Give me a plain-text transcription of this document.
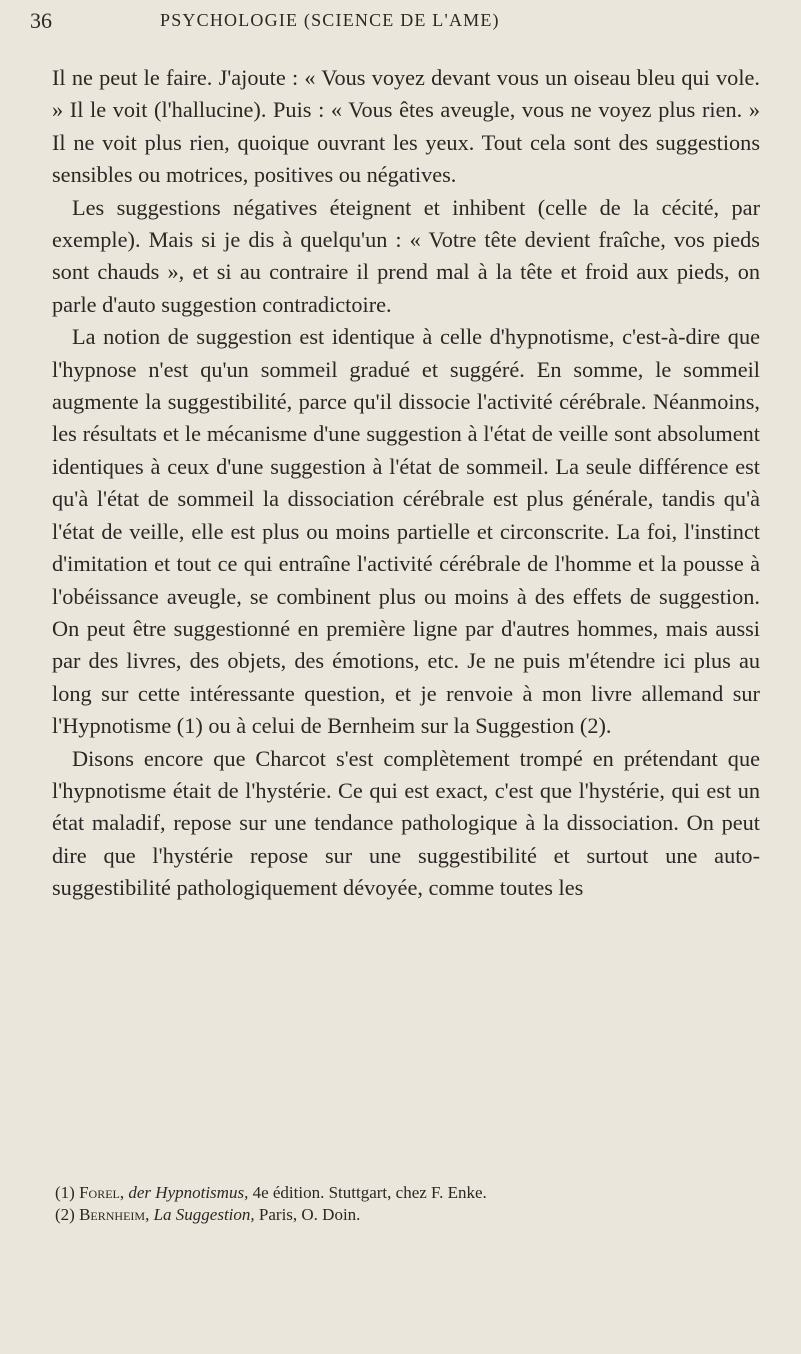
36	PSYCHOLOGIE (SCIENCE DE L'AME)

Il ne peut le faire. J'ajoute : « Vous voyez devant vous un oiseau bleu qui vole. » Il le voit (l'hallucine). Puis : « Vous êtes aveugle, vous ne voyez plus rien. » Il ne voit plus rien, quoique ouvrant les yeux. Tout cela sont des suggestions sensibles ou motrices, positives ou négatives.

Les suggestions négatives éteignent et inhibent (celle de la cécité, par exemple). Mais si je dis à quelqu'un : « Votre tête devient fraîche, vos pieds sont chauds », et si au contraire il prend mal à la tête et froid aux pieds, on parle d'auto suggestion contradictoire.

La notion de suggestion est identique à celle d'hypnotisme, c'est-à-dire que l'hypnose n'est qu'un sommeil gradué et suggéré. En somme, le sommeil augmente la suggestibilité, parce qu'il dissocie l'activité cérébrale. Néanmoins, les résultats et le mécanisme d'une suggestion à l'état de veille sont absolument identiques à ceux d'une suggestion à l'état de sommeil. La seule différence est qu'à l'état de sommeil la dissociation cérébrale est plus générale, tandis qu'à l'état de veille, elle est plus ou moins partielle et circonscrite. La foi, l'instinct d'imitation et tout ce qui entraîne l'activité cérébrale de l'homme et la pousse à l'obéissance aveugle, se combinent plus ou moins à des effets de suggestion. On peut être suggestionné en première ligne par d'autres hommes, mais aussi par des livres, des objets, des émotions, etc. Je ne puis m'étendre ici plus au long sur cette intéressante question, et je renvoie à mon livre allemand sur l'Hypnotisme (1) ou à celui de Bernheim sur la Suggestion (2).

Disons encore que Charcot s'est complètement trompé en prétendant que l'hypnotisme était de l'hystérie. Ce qui est exact, c'est que l'hystérie, qui est un état maladif, repose sur une tendance pathologique à la dissociation. On peut dire que l'hystérie repose sur une suggestibilité et surtout une auto-suggestibilité pathologiquement dévoyée, comme toutes les

(1) Forel, der Hypnotismus, 4e édition. Stuttgart, chez F. Enke.

(2) Bernheim, La Suggestion, Paris, O. Doin.
